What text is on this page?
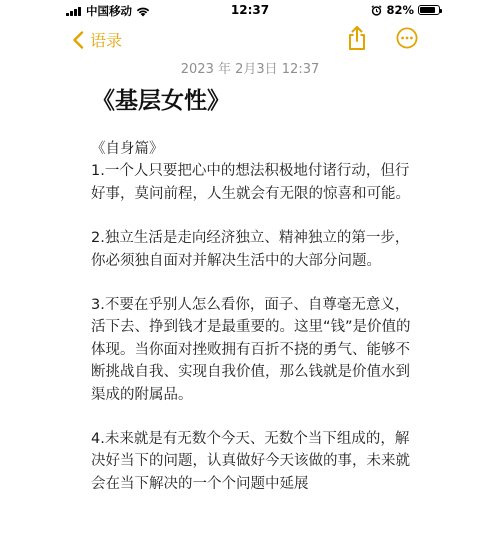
中国移动	12:37	82%
语录
2023 年 2月3日 12:37
《基层女性》

《自身篇》

1.一个人只要把心中的想法积极地付诸行动，但行好事，莫问前程，人生就会有无限的惊喜和可能。

2.独立生活是走向经济独立、精神独立的第一步，你必须独自面对并解决生活中的大部分问题。

3.不要在乎别人怎么看你，面子、自尊毫无意义，活下去、挣到钱才是最重要的。这里“钱”是价值的体现。当你面对挫败拥有百折不挠的勇气、能够不断挑战自我、实现自我价值，那么钱就是价值水到渠成的附属品。

4.未来就是有无数个今天、无数个当下组成的，解决好当下的问题，认真做好今天该做的事，未来就会在当下解决的一个个问题中延展
